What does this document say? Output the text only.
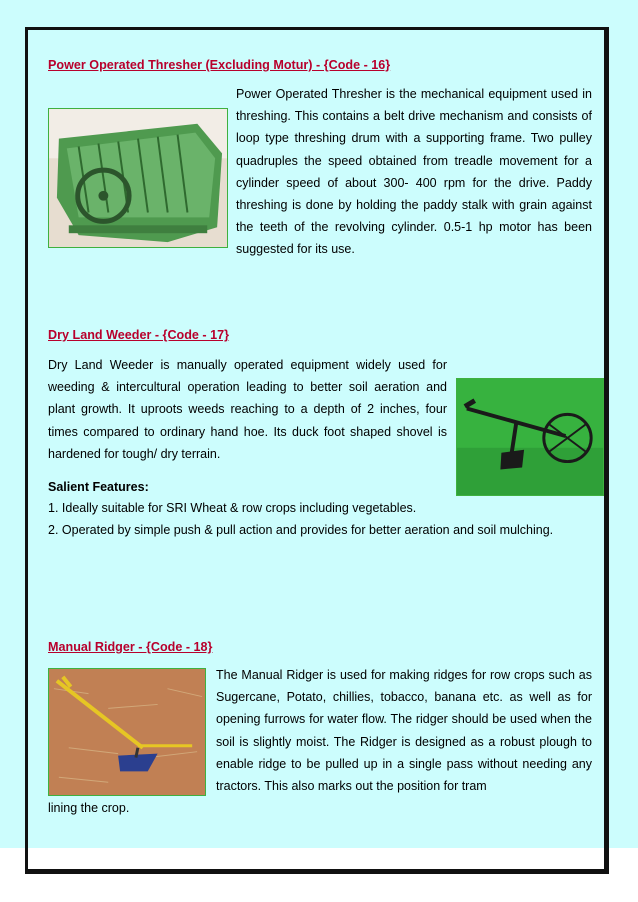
Power Operated Thresher (Excluding Motur) - {Code - 16}

Power Operated Thresher is the mechanical equipment used in threshing. This contains a belt drive mechanism and consists of loop type threshing drum with a supporting frame. Two pulley quadruples the speed obtained from treadle movement for a cylinder speed of about 300- 400 rpm for the drive. Paddy threshing is done by holding the paddy stalk with grain against the teeth of the revolving cylinder. 0.5-1 hp motor has been suggested for its use.

Dry Land Weeder - {Code - 17}

Dry Land Weeder is manually operated equipment widely used for weeding & intercultural operation leading to better soil aeration and plant growth. It uproots weeds reaching to a depth of 2 inches, four times compared to ordinary hand hoe. Its duck foot shaped shovel is hardened for tough/ dry terrain.

Salient Features:
1. Ideally suitable for SRI Wheat & row crops including vegetables.
2. Operated by simple push & pull action and provides for better aeration and soil mulching.
Manual Ridger - {Code - 18}

The Manual Ridger is used for making ridges for row crops such as Sugercane, Potato, chillies, tobacco, banana etc. as well as for opening furrows for water flow. The ridger should be used when the soil is slightly moist. The Ridger is designed as a robust plough to enable ridge to be pulled up in a single pass without needing any tractors. This also marks out the position for tram

lining the crop.
